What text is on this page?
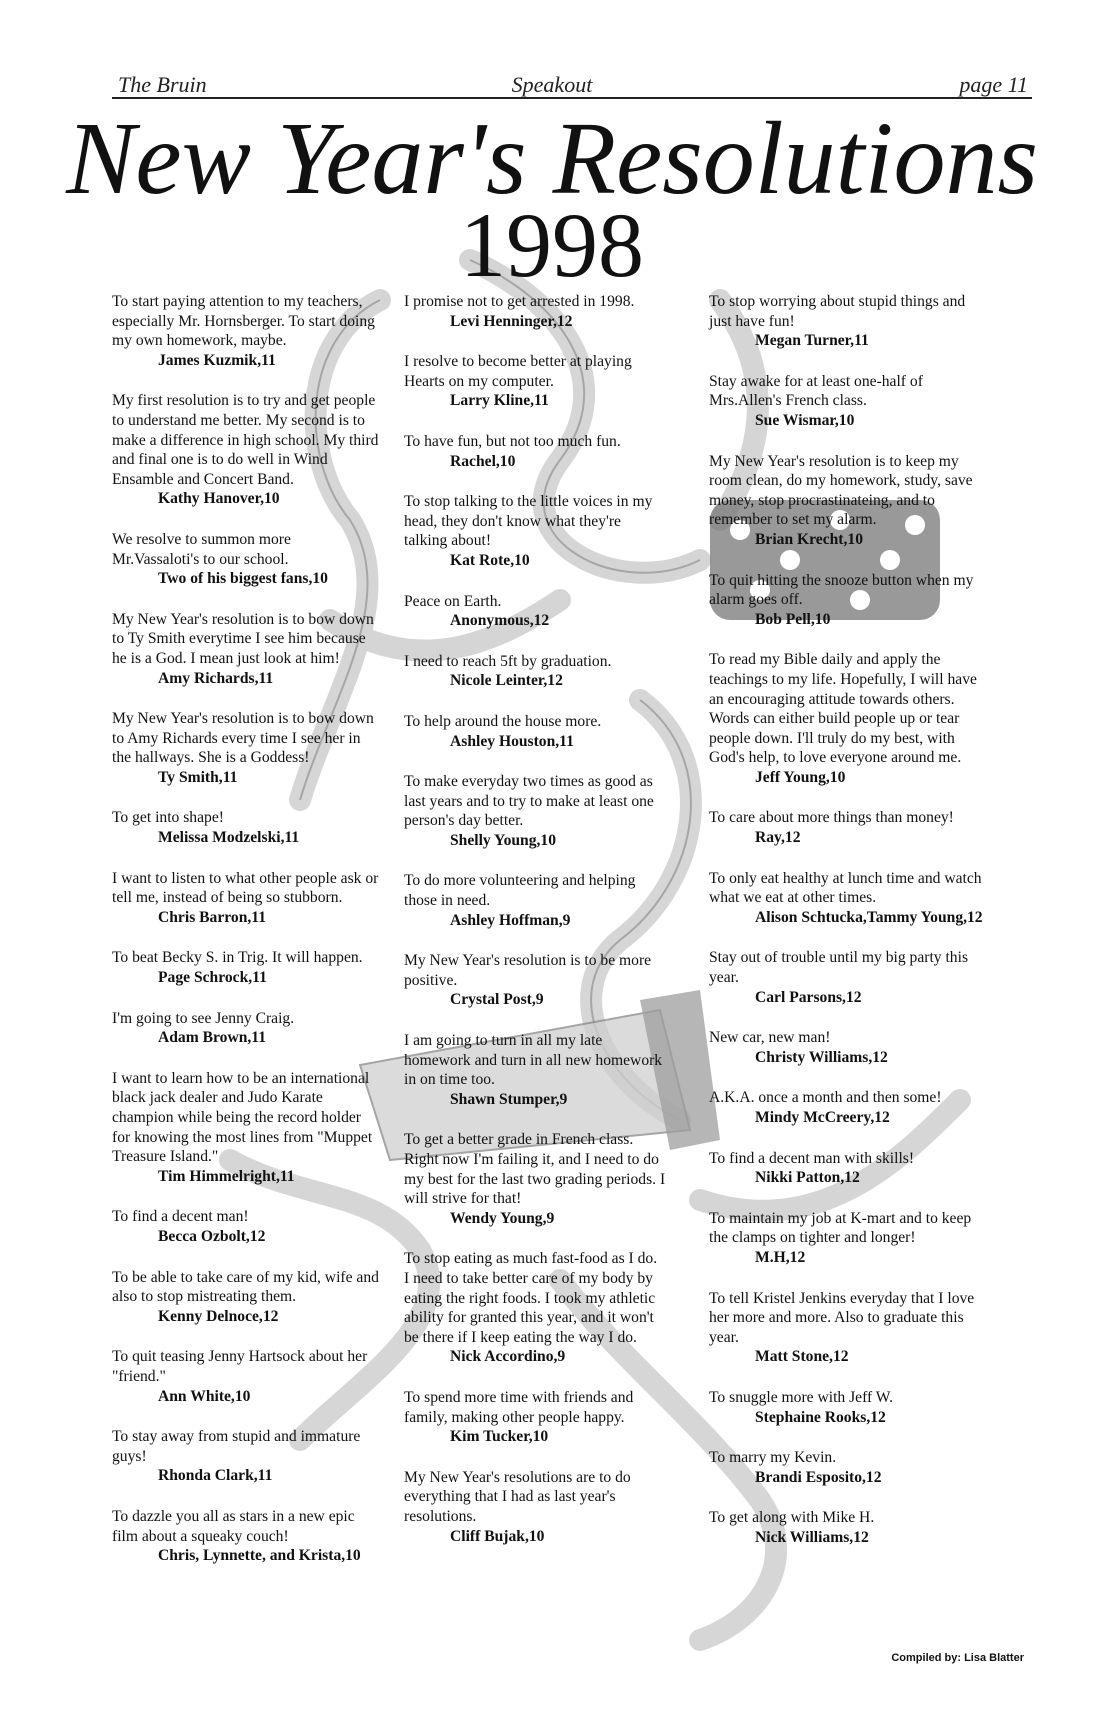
The Bruin	Speakout	page 11
New Year's Resolutions
1998
To start paying attention to my teachers, especially Mr. Hornsberger. To start doing my own homework, maybe.
James Kuzmik,11
My first resolution is to try and get people to understand me better. My second is to make a difference in high school. My third and final one is to do well in Wind Ensamble and Concert Band.
Kathy Hanover,10
We resolve to summon more Mr.Vassaloti's to our school.
Two of his biggest fans,10
My New Year's resolution is to bow down to Ty Smith everytime I see him because he is a God. I mean just look at him!
Amy Richards,11
My New Year's resolution is to bow down to Amy Richards every time I see her in the hallways. She is a Goddess!
Ty Smith,11
To get into shape!
Melissa Modzelski,11
I want to listen to what other people ask or tell me, instead of being so stubborn.
Chris Barron,11
To beat Becky S. in Trig. It will happen.
Page Schrock,11
I'm going to see Jenny Craig.
Adam Brown,11
I want to learn how to be an international black jack dealer and Judo Karate champion while being the record holder for knowing the most lines from "Muppet Treasure Island."
Tim Himmelright,11
To find a decent man!
Becca Ozbolt,12
To be able to take care of my kid, wife and also to stop mistreating them.
Kenny Delnoce,12
To quit teasing Jenny Hartsock about her "friend."
Ann White,10
To stay away from stupid and immature guys!
Rhonda Clark,11
To dazzle you all as stars in a new epic film about a squeaky couch!
Chris, Lynnette, and Krista,10
I promise not to get arrested in 1998.
Levi Henninger,12
I resolve to become better at playing Hearts on my computer.
Larry Kline,11
To have fun, but not too much fun.
Rachel,10
To stop talking to the little voices in my head, they don't know what they're talking about!
Kat Rote,10
Peace on Earth.
Anonymous,12
I need to reach 5ft by graduation.
Nicole Leinter,12
To help around the house more.
Ashley Houston,11
To make everyday two times as good as last years and to try to make at least one person's day better.
Shelly Young,10
To do more volunteering and helping those in need.
Ashley Hoffman,9
My New Year's resolution is to be more positive.
Crystal Post,9
I am going to turn in all my late homework and turn in all new homework in on time too.
Shawn Stumper,9
To get a better grade in French class. Right now I'm failing it, and I need to do my best for the last two grading periods. I will strive for that!
Wendy Young,9
To stop eating as much fast-food as I do. I need to take better care of my body by eating the right foods. I took my athletic ability for granted this year, and it won't be there if I keep eating the way I do.
Nick Accordino,9
To spend more time with friends and family, making other people happy.
Kim Tucker,10
My New Year's resolutions are to do everything that I had as last year's resolutions.
Cliff Bujak,10
To stop worrying about stupid things and just have fun!
Megan Turner,11
Stay awake for at least one-half of Mrs.Allen's French class.
Sue Wismar,10
My New Year's resolution is to keep my room clean, do my homework, study, save money, stop procrastinateing, and to remember to set my alarm.
Brian Krecht,10
To quit hitting the snooze button when my alarm goes off.
Bob Pell,10
To read my Bible daily and apply the teachings to my life. Hopefully, I will have an encouraging attitude towards others. Words can either build people up or tear people down. I'll truly do my best, with God's help, to love everyone around me.
Jeff Young,10
To care about more things than money!
Ray,12
To only eat healthy at lunch time and watch what we eat at other times.
Alison Schtucka,Tammy Young,12
Stay out of trouble until my big party this year.
Carl Parsons,12
New car, new man!
Christy Williams,12
A.K.A. once a month and then some!
Mindy McCreery,12
To find a decent man with skills!
Nikki Patton,12
To maintain my job at K-mart and to keep the clamps on tighter and longer!
M.H,12
To tell Kristel Jenkins everyday that I love her more and more. Also to graduate this year.
Matt Stone,12
To snuggle more with Jeff W.
Stephaine Rooks,12
To marry my Kevin.
Brandi Esposito,12
To get along with Mike H.
Nick Williams,12
Compiled by: Lisa Blatter
